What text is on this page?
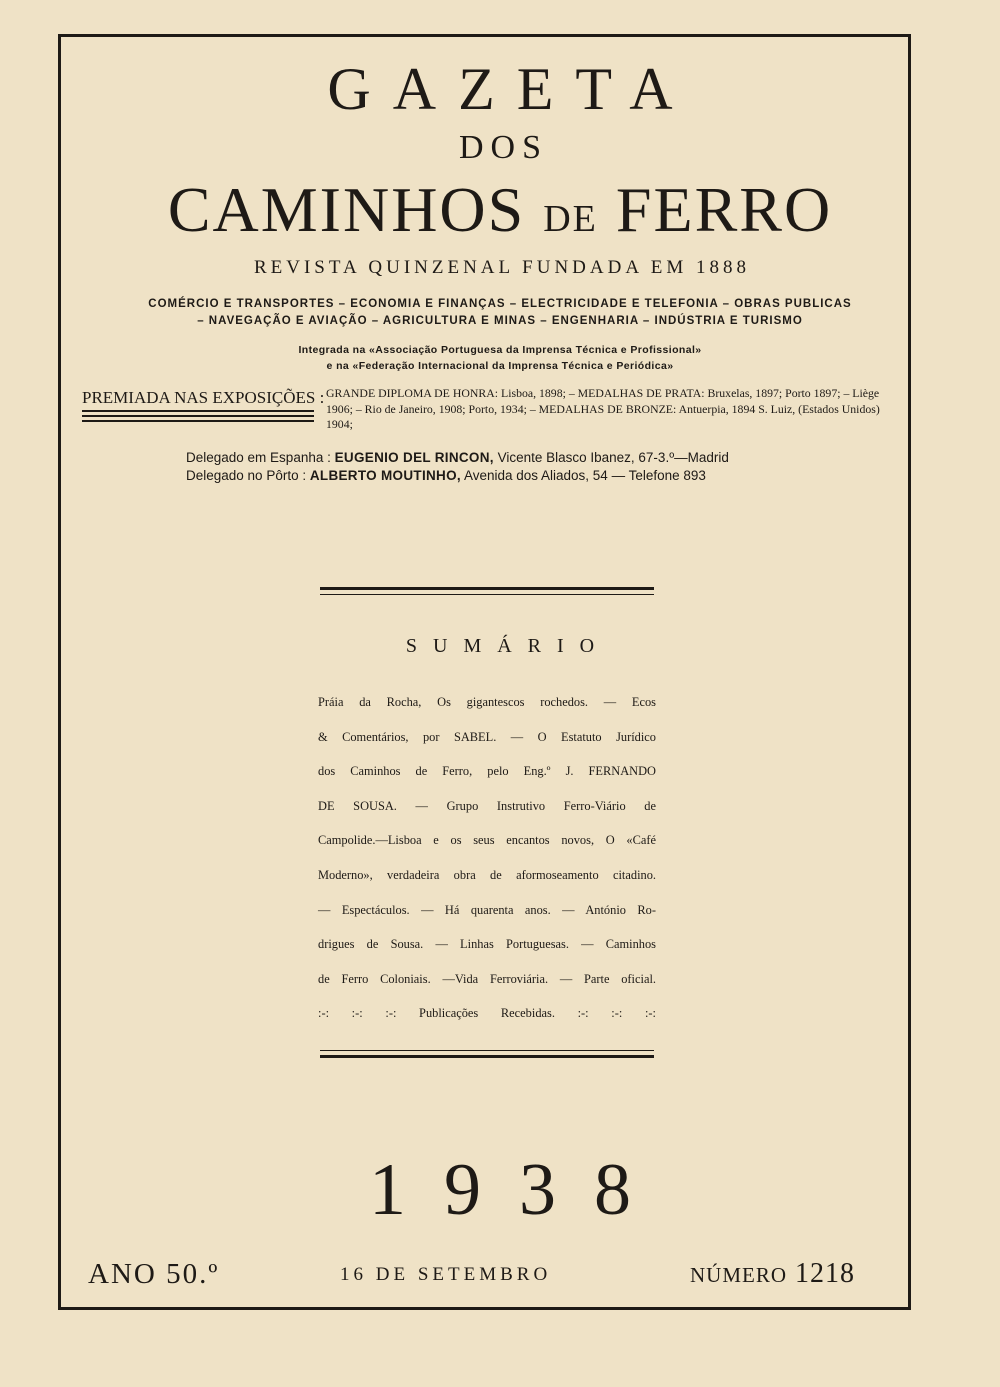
GAZETA
DOS
CAMINHOS DE FERRO
REVISTA QUINZENAL FUNDADA EM 1888
COMÉRCIO E TRANSPORTES – ECONOMIA E FINANÇAS – ELECTRICIDADE E TELEFONIA – OBRAS PUBLICAS
– NAVEGAÇÃO E AVIAÇÃO – AGRICULTURA E MINAS – ENGENHARIA – INDÚSTRIA E TURISMO
Integrada na «Associação Portuguesa da Imprensa Técnica e Profissional»
e na «Federação Internacional da Imprensa Técnica e Periódica»
PREMIADA NAS EXPOSIÇÕES : GRANDE DIPLOMA DE HONRA: Lisboa, 1898; – MEDALHAS DE PRATA: Bruxelas, 1897; Porto 1897; – Liège 1906; – Rio de Janeiro, 1908; Porto, 1934; – MEDALHAS DE BRONZE: Antuerpia, 1894 S. Luiz, (Estados Unidos) 1904;
Delegado em Espanha : EUGENIO DEL RINCON, Vicente Blasco Ibanez, 67-3.º—Madrid
Delegado no Pôrto : ALBERTO MOUTINHO, Avenida dos Aliados, 54 — Telefone 893
SUMÁRIO

Práia da Rocha, Os gigantescos rochedos. — Ecos

& Comentários, por SABEL. — O Estatuto Jurídico

dos Caminhos de Ferro, pelo Eng.º J. FERNANDO

DE SOUSA. — Grupo Instrutivo Ferro-Viário de

Campolide.—Lisboa e os seus encantos novos, O «Café

Moderno», verdadeira obra de aformoseamento citadino.

— Espectáculos. — Há quarenta anos. — António Ro-

drigues de Sousa. — Linhas Portuguesas. — Caminhos

de Ferro Coloniais. —Vida Ferroviária. — Parte oficial.

:-: :-: :-: Publicações Recebidas. :-: :-: :-:

1938
ANO 50.º	16 DE SETEMBRO	NÚMERO 1218
